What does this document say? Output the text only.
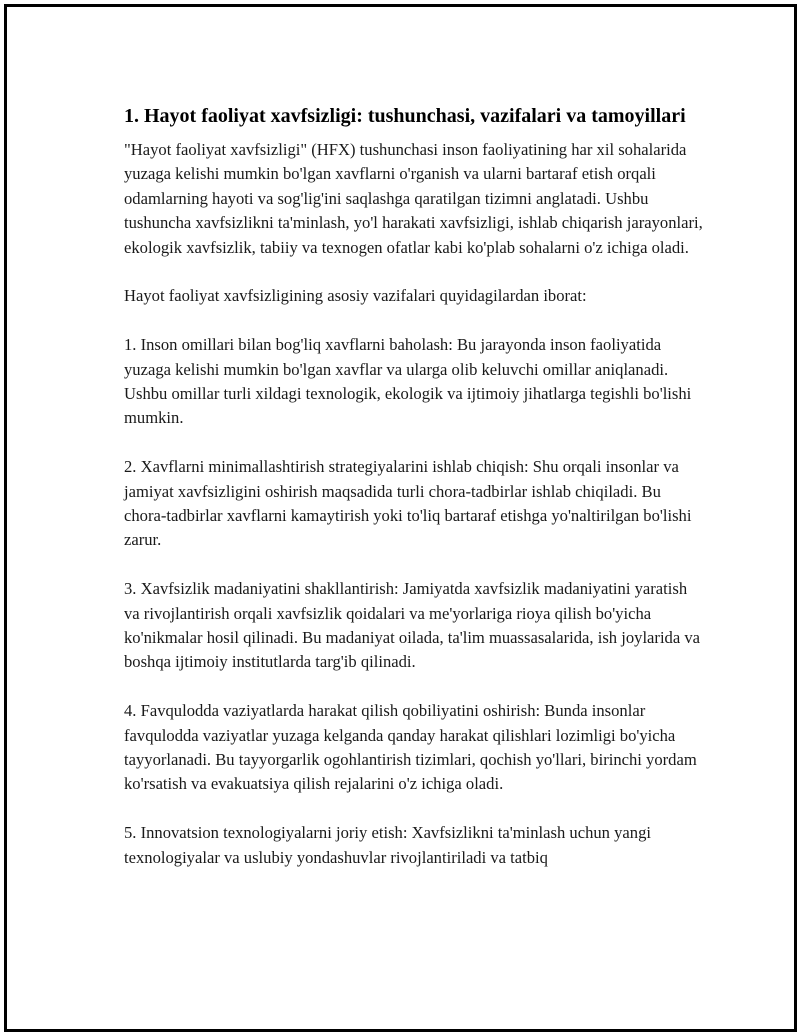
1. Hayot faoliyat xavfsizligi: tushunchasi, vazifalari va tamoyillari

"Hayot faoliyat xavfsizligi" (HFX) tushunchasi inson faoliyatining har xil sohalarida yuzaga kelishi mumkin bo'lgan xavflarni o'rganish va ularni bartaraf etish orqali odamlarning hayoti va sog'lig'ini saqlashga qaratilgan tizimni anglatadi. Ushbu tushuncha xavfsizlikni ta'minlash, yo'l harakati xavfsizligi, ishlab chiqarish jarayonlari, ekologik xavfsizlik, tabiiy va texnogen ofatlar kabi ko'plab sohalarni o'z ichiga oladi.

Hayot faoliyat xavfsizligining asosiy vazifalari quyidagilardan iborat:

1. Inson omillari bilan bog'liq xavflarni baholash: Bu jarayonda inson faoliyatida yuzaga kelishi mumkin bo'lgan xavflar va ularga olib keluvchi omillar aniqlanadi. Ushbu omillar turli xildagi texnologik, ekologik va ijtimoiy jihatlarga tegishli bo'lishi mumkin.

2. Xavflarni minimallashtirish strategiyalarini ishlab chiqish: Shu orqali insonlar va jamiyat xavfsizligini oshirish maqsadida turli chora-tadbirlar ishlab chiqiladi. Bu chora-tadbirlar xavflarni kamaytirish yoki to'liq bartaraf etishga yo'naltirilgan bo'lishi zarur.

3. Xavfsizlik madaniyatini shakllantirish: Jamiyatda xavfsizlik madaniyatini yaratish va rivojlantirish orqali xavfsizlik qoidalari va me'yorlariga rioya qilish bo'yicha ko'nikmalar hosil qilinadi. Bu madaniyat oilada, ta'lim muassasalarida, ish joylarida va boshqa ijtimoiy institutlarda targ'ib qilinadi.

4. Favqulodda vaziyatlarda harakat qilish qobiliyatini oshirish: Bunda insonlar favqulodda vaziyatlar yuzaga kelganda qanday harakat qilishlari lozimligi bo'yicha tayyorlanadi. Bu tayyorgarlik ogohlantirish tizimlari, qochish yo'llari, birinchi yordam ko'rsatish va evakuatsiya qilish rejalarini o'z ichiga oladi.

5. Innovatsion texnologiyalarni joriy etish: Xavfsizlikni ta'minlash uchun yangi texnologiyalar va uslubiy yondashuvlar rivojlantiriladi va tatbiq
